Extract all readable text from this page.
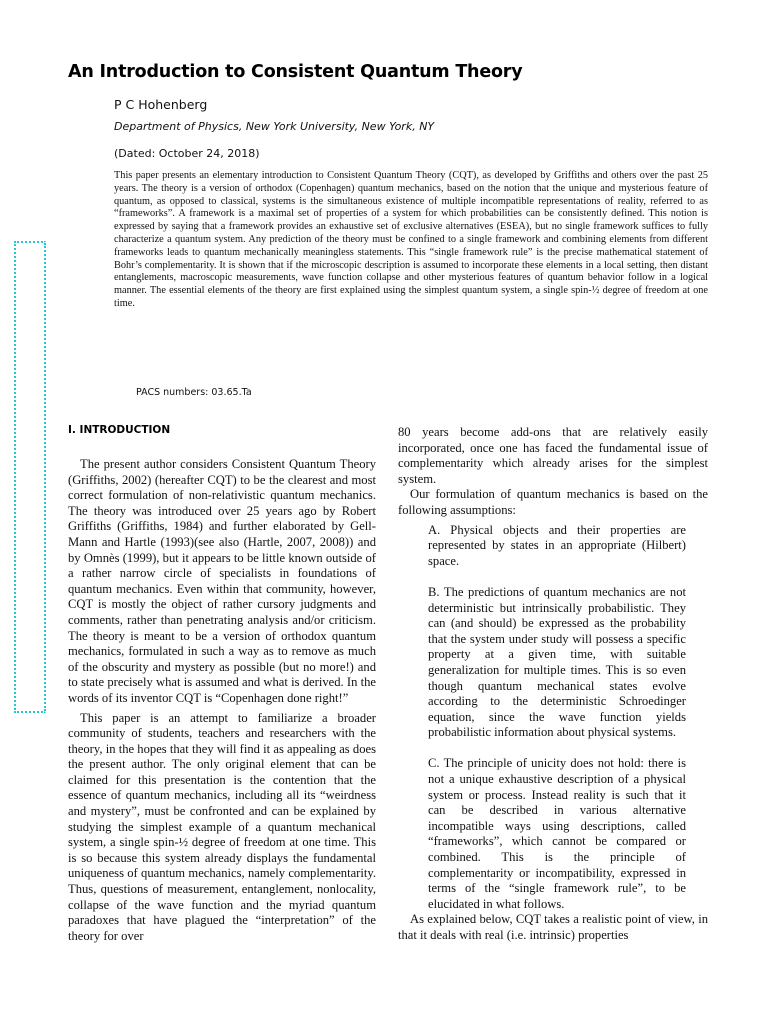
An Introduction to Consistent Quantum Theory
P C Hohenberg
Department of Physics, New York University, New York, NY
(Dated: October 24, 2018)
This paper presents an elementary introduction to Consistent Quantum Theory (CQT), as developed by Griffiths and others over the past 25 years. The theory is a version of orthodox (Copenhagen) quantum mechanics, based on the notion that the unique and mysterious feature of quantum, as opposed to classical, systems is the simultaneous existence of multiple incompatible representations of reality, referred to as “frameworks”. A framework is a maximal set of properties of a system for which probabilities can be consistently defined. This notion is expressed by saying that a framework provides an exhaustive set of exclusive alternatives (ESEA), but no single framework suffices to fully characterize a quantum system. Any prediction of the theory must be confined to a single framework and combining elements from different frameworks leads to quantum mechanically meaningless statements. This “single framework rule” is the precise mathematical statement of Bohr’s complementarity. It is shown that if the microscopic description is assumed to incorporate these elements in a local setting, then distant entanglements, macroscopic measurements, wave function collapse and other mysterious features of quantum behavior follow in a logical manner. The essential elements of the theory are first explained using the simplest quantum system, a single spin-½ degree of freedom at one time.
PACS numbers: 03.65.Ta
I. INTRODUCTION

The present author considers Consistent Quantum Theory (Griffiths, 2002) (hereafter CQT) to be the clearest and most correct formulation of non-relativistic quantum mechanics. The theory was introduced over 25 years ago by Robert Griffiths (Griffiths, 1984) and further elaborated by Gell-Mann and Hartle (1993)(see also (Hartle, 2007, 2008)) and by Omnès (1999), but it appears to be little known outside of a rather narrow circle of specialists in foundations of quantum mechanics. Even within that community, however, CQT is mostly the object of rather cursory judgments and comments, rather than penetrating analysis and/or criticism. The theory is meant to be a version of orthodox quantum mechanics, formulated in such a way as to remove as much of the obscurity and mystery as possible (but no more!) and to state precisely what is assumed and what is derived. In the words of its inventor CQT is “Copenhagen done right!”

This paper is an attempt to familiarize a broader community of students, teachers and researchers with the theory, in the hopes that they will find it as appealing as does the present author. The only original element that can be claimed for this presentation is the contention that the essence of quantum mechanics, including all its “weirdness and mystery”, must be confronted and can be explained by studying the simplest example of a quantum mechanical system, a single spin-½ degree of freedom at one time. This is so because this system already displays the fundamental uniqueness of quantum mechanics, namely complementarity. Thus, questions of measurement, entanglement, nonlocality, collapse of the wave function and the myriad quantum paradoxes that have plagued the “interpretation” of the theory for over

80 years become add-ons that are relatively easily incorporated, once one has faced the fundamental issue of complementarity which already arises for the simplest system.

Our formulation of quantum mechanics is based on the following assumptions:

A. Physical objects and their properties are represented by states in an appropriate (Hilbert) space.

B. The predictions of quantum mechanics are not deterministic but intrinsically probabilistic. They can (and should) be expressed as the probability that the system under study will possess a specific property at a given time, with suitable generalization for multiple times. This is so even though quantum mechanical states evolve according to the deterministic Schroedinger equation, since the wave function yields probabilistic information about physical systems.

C. The principle of unicity does not hold: there is not a unique exhaustive description of a physical system or process. Instead reality is such that it can be described in various alternative incompatible ways using descriptions, called “frameworks”, which cannot be compared or combined. This is the principle of complementarity or incompatibility, expressed in terms of the “single framework rule”, to be elucidated in what follows.

As explained below, CQT takes a realistic point of view, in that it deals with real (i.e. intrinsic) properties
